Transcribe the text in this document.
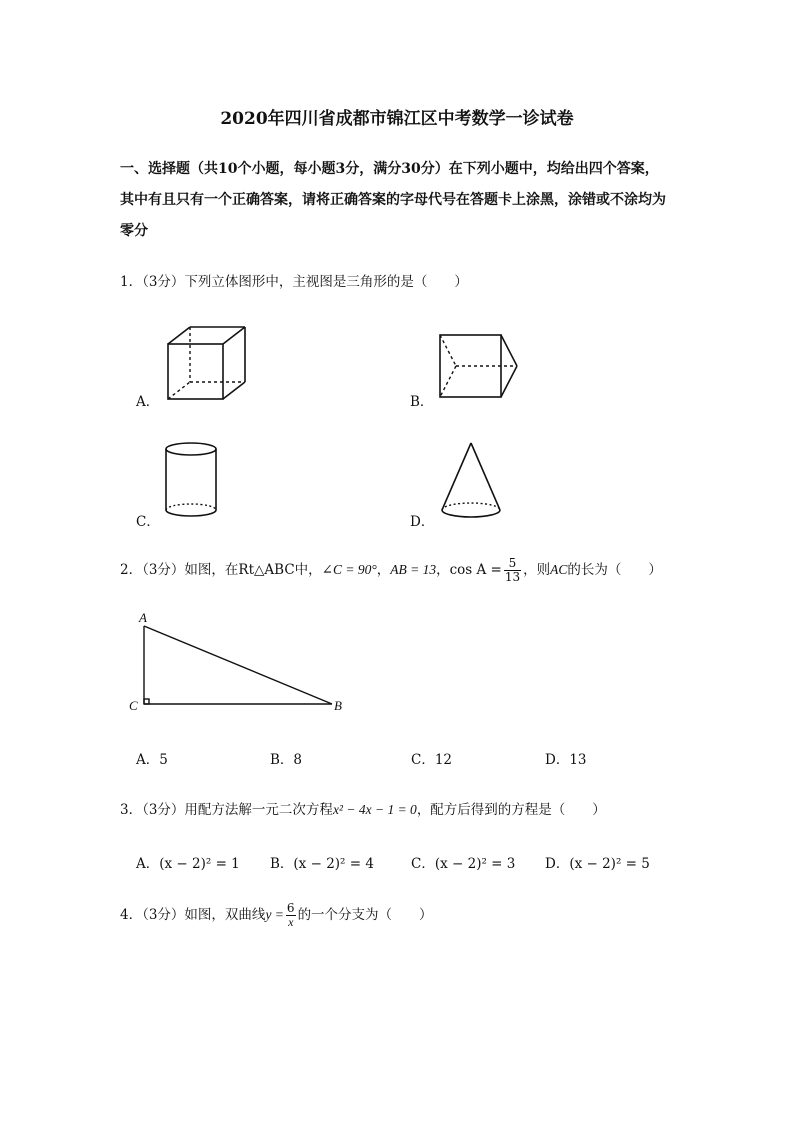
2020年四川省成都市锦江区中考数学一诊试卷
一、选择题（共10个小题，每小题3分，满分30分）在下列小题中，均给出四个答案，
其中有且只有一个正确答案，请将正确答案的字母代号在答题卡上涂黑，涂错或不涂均为
零分
1．（3分）下列立体图形中，主视图是三角形的是（　　）
A．	B．
C．	D．
2．（3分）如图，在Rt△ABC中，∠C = 90°，AB = 13，$\cos A = \frac{5}{13}$ ，则AC的长为（　　）
A
C	B
A．5	B．8	C．12	D．13
3．（3分）用配方法解一元二次方程x² − 4x − 1 = 0，配方后得到的方程是（　　）
A．(x − 2)² = 1 B．(x − 2)² = 4	C．(x − 2)² = 3 D．(x − 2)² = 5
4．（3分）如图，双曲线$y = \frac{6}{x}$ 的一个分支为（　　）
